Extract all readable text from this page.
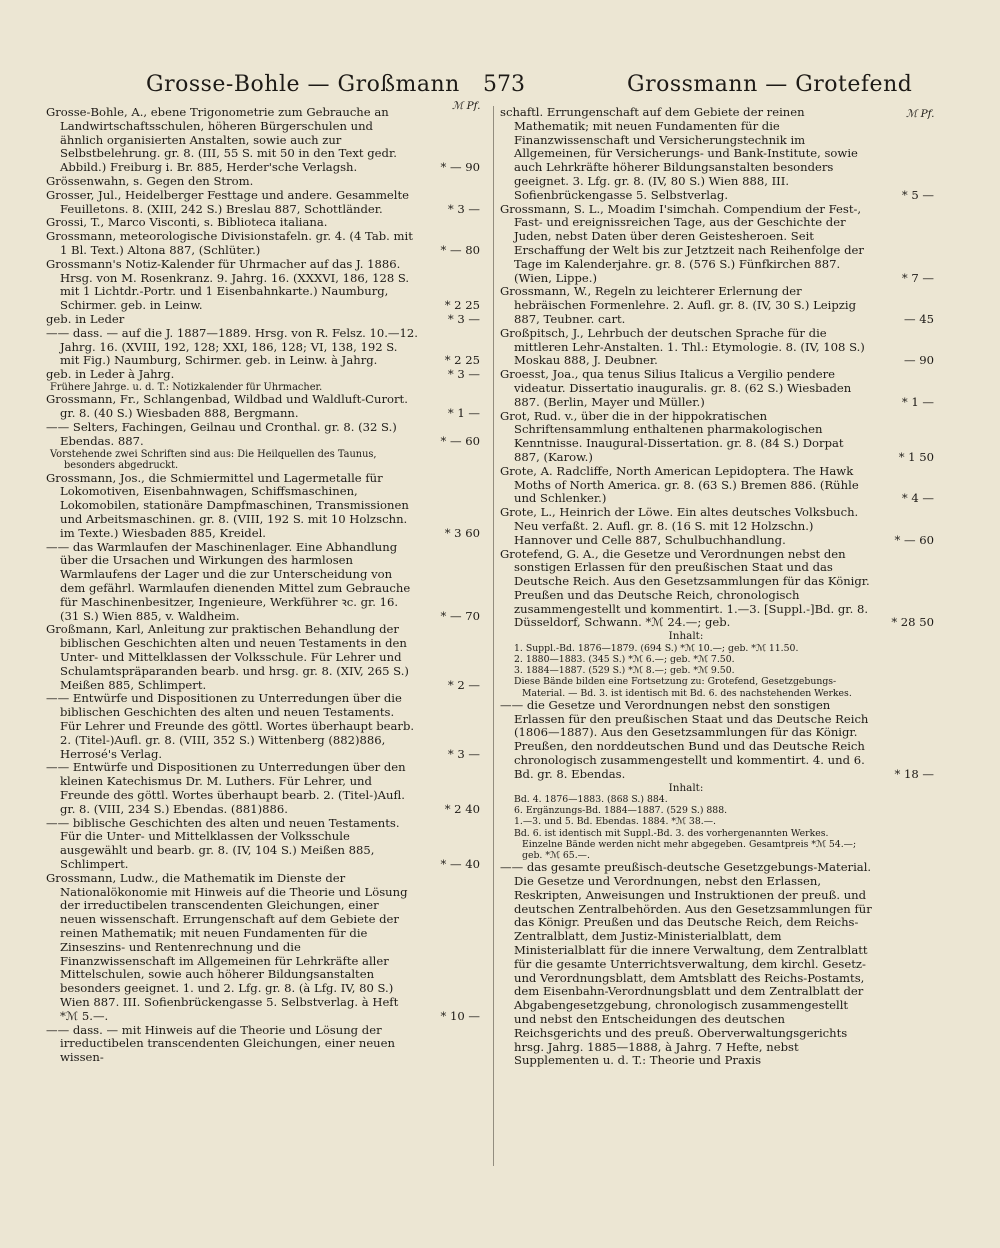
Grosse-Bohle — Großmann 573	Grossmann — Grotefend
ℳ Pf.
ℳ Pf.
Grosse-Bohle, A., ebene Trigonometrie zum Gebrauche an Landwirtschaftsschulen, höheren Bürgerschulen und ähnlich organisierten Anstalten, sowie auch zur Selbstbelehrung. gr. 8. (III, 55 S. mit 50 in den Text gedr. Abbild.) Freiburg i. Br. 885, Herder'sche Verlagsh.	* — 90
Grössenwahn, s. Gegen den Strom.
Grosser, Jul., Heidelberger Festtage und andere. Gesammelte Feuilletons. 8. (XIII, 242 S.) Breslau 887, Schottländer.	* 3 —
Grossi, T., Marco Visconti, s. Biblioteca italiana.
Grossmann, meteorologische Divisionstafeln. gr. 4. (4 Tab. mit 1 Bl. Text.) Altona 887, (Schlüter.)	* — 80
Grossmann's Notiz-Kalender für Uhrmacher auf das J. 1886. Hrsg. von M. Rosenkranz. 9. Jahrg. 16. (XXXVI, 186, 128 S. mit 1 Lichtdr.-Portr. und 1 Eisenbahnkarte.) Naumburg, Schirmer. geb. in Leinw.	* 2 25
geb. in Leder	* 3 —
—— dass. — auf die J. 1887—1889. Hrsg. von R. Felsz. 10.—12. Jahrg. 16. (XVIII, 192, 128; XXI, 186, 128; VI, 138, 192 S. mit Fig.) Naumburg, Schirmer. geb. in Leinw. à Jahrg.	* 2 25
geb. in Leder à Jahrg.	* 3 —
Frühere Jahrge. u. d. T.: Notizkalender für Uhrmacher.
Grossmann, Fr., Schlangenbad, Wildbad und Waldluft-Curort. gr. 8. (40 S.) Wiesbaden 888, Bergmann.	* 1 —
—— Selters, Fachingen, Geilnau und Cronthal. gr. 8. (32 S.) Ebendas. 887.	* — 60
Vorstehende zwei Schriften sind aus: Die Heilquellen des Taunus, besonders abgedruckt.
Grossmann, Jos., die Schmiermittel und Lagermetalle für Lokomotiven, Eisenbahnwagen, Schiffsmaschinen, Lokomobilen, stationäre Dampfmaschinen, Transmissionen und Arbeitsmaschinen. gr. 8. (VIII, 192 S. mit 10 Holzschn. im Texte.) Wiesbaden 885, Kreidel.	* 3 60
—— das Warmlaufen der Maschinenlager. Eine Abhandlung über die Ursachen und Wirkungen des harmlosen Warmlaufens der Lager und die zur Unterscheidung von dem gefährl. Warmlaufen dienenden Mittel zum Gebrauche für Maschinenbesitzer, Ingenieure, Werkführer ꝛc. gr. 16. (31 S.) Wien 885, v. Waldheim.	* — 70
Großmann, Karl, Anleitung zur praktischen Behandlung der biblischen Geschichten alten und neuen Testaments in den Unter- und Mittelklassen der Volksschule. Für Lehrer und Schulamtspräparanden bearb. und hrsg. gr. 8. (XIV, 265 S.) Meißen 885, Schlimpert.	* 2 —
—— Entwürfe und Dispositionen zu Unterredungen über die biblischen Geschichten des alten und neuen Testaments. Für Lehrer und Freunde des göttl. Wortes überhaupt bearb. 2. (Titel-)Aufl. gr. 8. (VIII, 352 S.) Wittenberg (882)886, Herrosé's Verlag.	* 3 —
—— Entwürfe und Dispositionen zu Unterredungen über den kleinen Katechismus Dr. M. Luthers. Für Lehrer, und Freunde des göttl. Wortes überhaupt bearb. 2. (Titel-)Aufl. gr. 8. (VIII, 234 S.) Ebendas. (881)886.	* 2 40
—— biblische Geschichten des alten und neuen Testaments. Für die Unter- und Mittelklassen der Volksschule ausgewählt und bearb. gr. 8. (IV, 104 S.) Meißen 885, Schlimpert.	* — 40
Grossmann, Ludw., die Mathematik im Dienste der Nationalökonomie mit Hinweis auf die Theorie und Lösung der irreductibelen transcendenten Gleichungen, einer neuen wissenschaft. Errungenschaft auf dem Gebiete der reinen Mathematik; mit neuen Fundamenten für die Zinseszins- und Rentenrechnung und die Finanzwissenschaft im Allgemeinen für Lehrkräfte aller Mittelschulen, sowie auch höherer Bildungsanstalten besonders geeignet. 1. und 2. Lfg. gr. 8. (à Lfg. IV, 80 S.) Wien 887. III. Sofienbrückengasse 5. Selbstverlag. à Heft *ℳ 5.—.	* 10 —
—— dass. — mit Hinweis auf die Theorie und Lösung der irreductibelen transcendenten Gleichungen, einer neuen wissen-
schaftl. Errungenschaft auf dem Gebiete der reinen Mathematik; mit neuen Fundamenten für die Finanzwissenschaft und Versicherungstechnik im Allgemeinen, für Versicherungs- und Bank-Institute, sowie auch Lehrkräfte höherer Bildungsanstalten besonders geeignet. 3. Lfg. gr. 8. (IV, 80 S.) Wien 888, III. Sofienbrückengasse 5. Selbstverlag.	* 5 —
Grossmann, S. L., Moadim I'simchah. Compendium der Fest-, Fast- und ereignissreichen Tage, aus der Geschichte der Juden, nebst Daten über deren Geistesheroen. Seit Erschaffung der Welt bis zur Jetztzeit nach Reihenfolge der Tage im Kalenderjahre. gr. 8. (576 S.) Fünfkirchen 887. (Wien, Lippe.)	* 7 —
Grossmann, W., Regeln zu leichterer Erlernung der hebräischen Formenlehre. 2. Aufl. gr. 8. (IV, 30 S.) Leipzig 887, Teubner. cart.	— 45
Großpitsch, J., Lehrbuch der deutschen Sprache für die mittleren Lehr-Anstalten. 1. Thl.: Etymologie. 8. (IV, 108 S.) Moskau 888, J. Deubner.	— 90
Groesst, Joa., qua tenus Silius Italicus a Vergilio pendere videatur. Dissertatio inauguralis. gr. 8. (62 S.) Wiesbaden 887. (Berlin, Mayer und Müller.)	* 1 —
Grot, Rud. v., über die in der hippokratischen Schriftensammlung enthaltenen pharmakologischen Kenntnisse. Inaugural-Dissertation. gr. 8. (84 S.) Dorpat 887, (Karow.)	* 1 50
Grote, A. Radcliffe, North American Lepidoptera. The Hawk Moths of North America. gr. 8. (63 S.) Bremen 886. (Rühle und Schlenker.)	* 4 —
Grote, L., Heinrich der Löwe. Ein altes deutsches Volksbuch. Neu verfaßt. 2. Aufl. gr. 8. (16 S. mit 12 Holzschn.) Hannover und Celle 887, Schulbuchhandlung.	* — 60
Grotefend, G. A., die Gesetze und Verordnungen nebst den sonstigen Erlassen für den preußischen Staat und das Deutsche Reich. Aus den Gesetzsammlungen für das Königr. Preußen und das Deutsche Reich, chronologisch zusammengestellt und kommentirt. 1.—3. [Suppl.-]Bd. gr. 8. Düsseldorf, Schwann. *ℳ 24.—; geb.	* 28 50
Inhalt:
1. Suppl.-Bd. 1876—1879. (694 S.) *ℳ 10.—; geb. *ℳ 11.50.
2. 1880—1883. (345 S.) *ℳ 6.—; geb. *ℳ 7.50.
3. 1884—1887. (529 S.) *ℳ 8.—; geb. *ℳ 9.50.
Diese Bände bilden eine Fortsetzung zu: Grotefend, Gesetzgebungs-Material. — Bd. 3. ist identisch mit Bd. 6. des nachstehenden Werkes.
—— die Gesetze und Verordnungen nebst den sonstigen Erlassen für den preußischen Staat und das Deutsche Reich (1806—1887). Aus den Gesetzsammlungen für das Königr. Preußen, den norddeutschen Bund und das Deutsche Reich chronologisch zusammengestellt und kommentirt. 4. und 6. Bd. gr. 8. Ebendas.	* 18 —
Inhalt:
Bd. 4. 1876—1883. (868 S.) 884.
6. Ergänzungs-Bd. 1884—1887. (529 S.) 888.
1.—3. und 5. Bd. Ebendas. 1884. *ℳ 38.—.
Bd. 6. ist identisch mit Suppl.-Bd. 3. des vorhergenannten Werkes. Einzelne Bände werden nicht mehr abgegeben. Gesamtpreis *ℳ 54.—; geb. *ℳ 65.—.
—— das gesamte preußisch-deutsche Gesetzgebungs-Material. Die Gesetze und Verordnungen, nebst den Erlassen, Reskripten, Anweisungen und Instruktionen der preuß. und deutschen Zentralbehörden. Aus den Gesetzsammlungen für das Königr. Preußen und das Deutsche Reich, dem Reichs-Zentralblatt, dem Justiz-Ministerialblatt, dem Ministerialblatt für die innere Verwaltung, dem Zentralblatt für die gesamte Unterrichtsverwaltung, dem kirchl. Gesetz- und Verordnungsblatt, dem Amtsblatt des Reichs-Postamts, dem Eisenbahn-Verordnungsblatt und dem Zentralblatt der Abgabengesetzgebung, chronologisch zusammengestellt und nebst den Entscheidungen des deutschen Reichsgerichts und des preuß. Oberverwaltungsgerichts hrsg. Jahrg. 1885—1888, à Jahrg. 7 Hefte, nebst Supplementen u. d. T.: Theorie und Praxis
